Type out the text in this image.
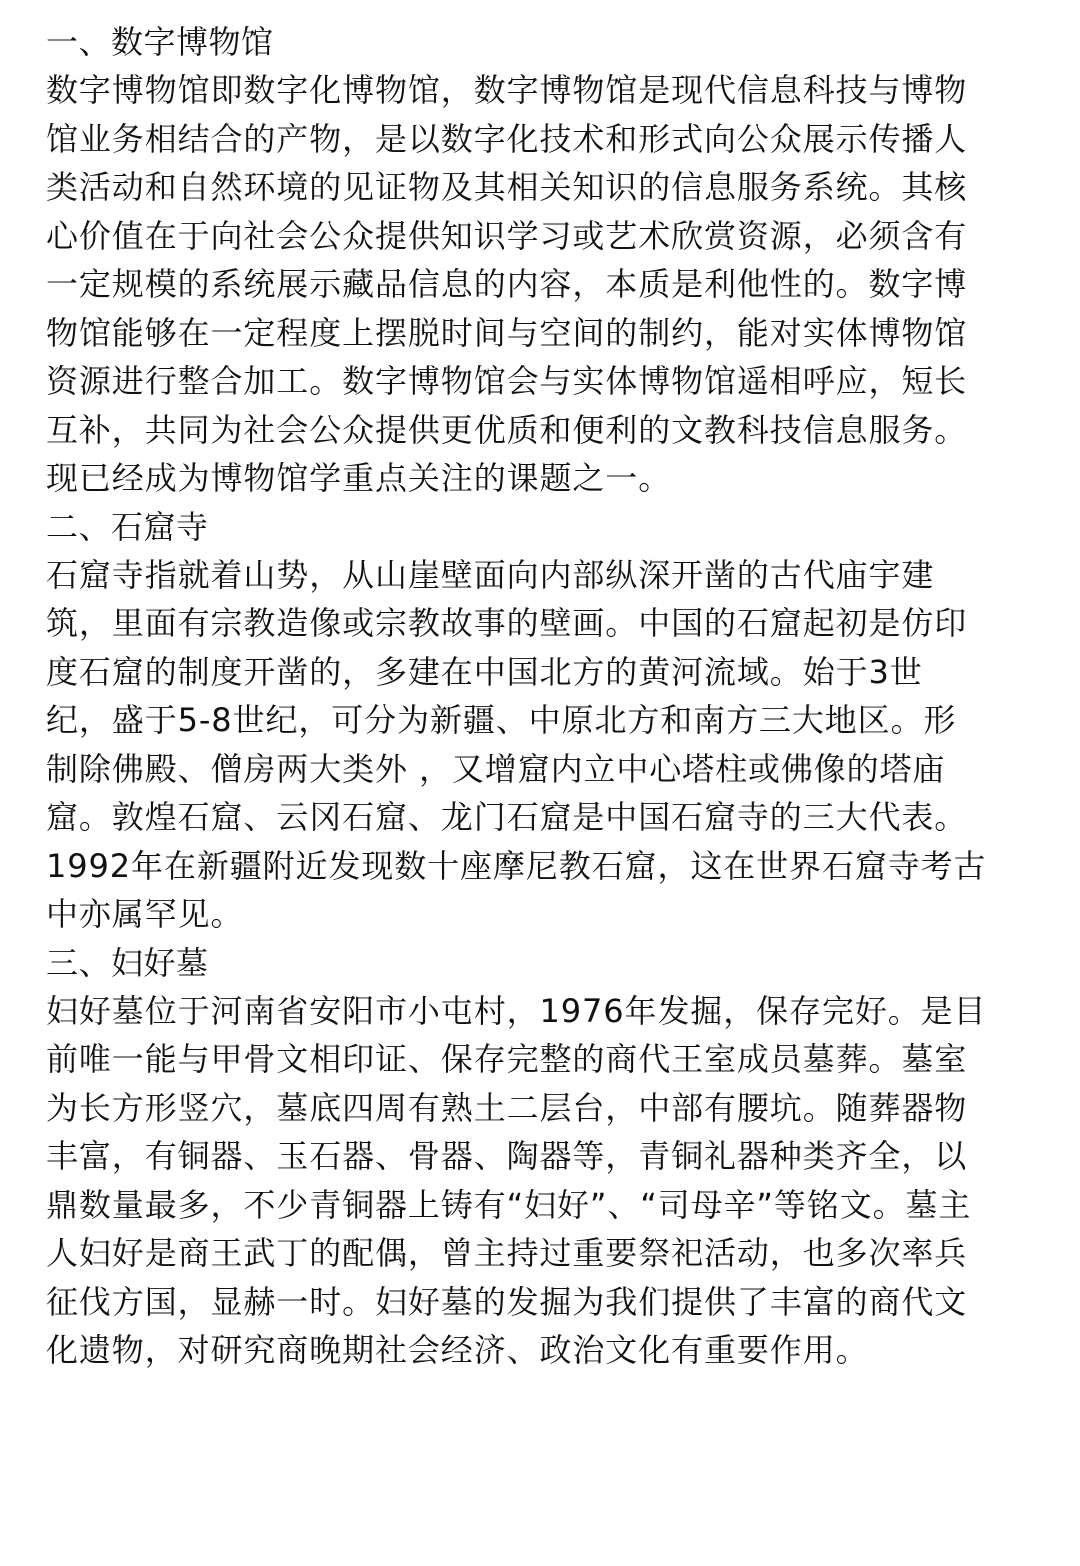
一、数字博物馆

数字博物馆即数字化博物馆，数字博物馆是现代信息科技与博物
馆业务相结合的产物，是以数字化技术和形式向公众展示传播人
类活动和自然环境的见证物及其相关知识的信息服务系统。其核
心价值在于向社会公众提供知识学习或艺术欣赏资源，必须含有
一定规模的系统展示藏品信息的内容，本质是利他性的。数字博
物馆能够在一定程度上摆脱时间与空间的制约，能对实体博物馆
资源进行整合加工。数字博物馆会与实体博物馆遥相呼应，短长
互补，共同为社会公众提供更优质和便利的文教科技信息服务。
现已经成为博物馆学重点关注的课题之一。

二、石窟寺

石窟寺指就着山势，从山崖壁面向内部纵深开凿的古代庙宇建
筑，里面有宗教造像或宗教故事的壁画。中国的石窟起初是仿印
度石窟的制度开凿的，多建在中国北方的黄河流域。始于3世
纪，盛于5-8世纪，可分为新疆、中原北方和南方三大地区。形
制除佛殿、僧房两大类外 ，又增窟内立中心塔柱或佛像的塔庙
窟。敦煌石窟、云冈石窟、龙门石窟是中国石窟寺的三大代表。
1992年在新疆附近发现数十座摩尼教石窟，这在世界石窟寺考古
中亦属罕见。

三、妇好墓

妇好墓位于河南省安阳市小屯村，1976年发掘，保存完好。是目
前唯一能与甲骨文相印证、保存完整的商代王室成员墓葬。墓室
为长方形竖穴，墓底四周有熟土二层台，中部有腰坑。随葬器物
丰富，有铜器、玉石器、骨器、陶器等，青铜礼器种类齐全，以
鼎数量最多，不少青铜器上铸有“妇好”、“司母辛”等铭文。墓主
人妇好是商王武丁的配偶，曾主持过重要祭祀活动，也多次率兵
征伐方国，显赫一时。妇好墓的发掘为我们提供了丰富的商代文
化遗物，对研究商晚期社会经济、政治文化有重要作用。
